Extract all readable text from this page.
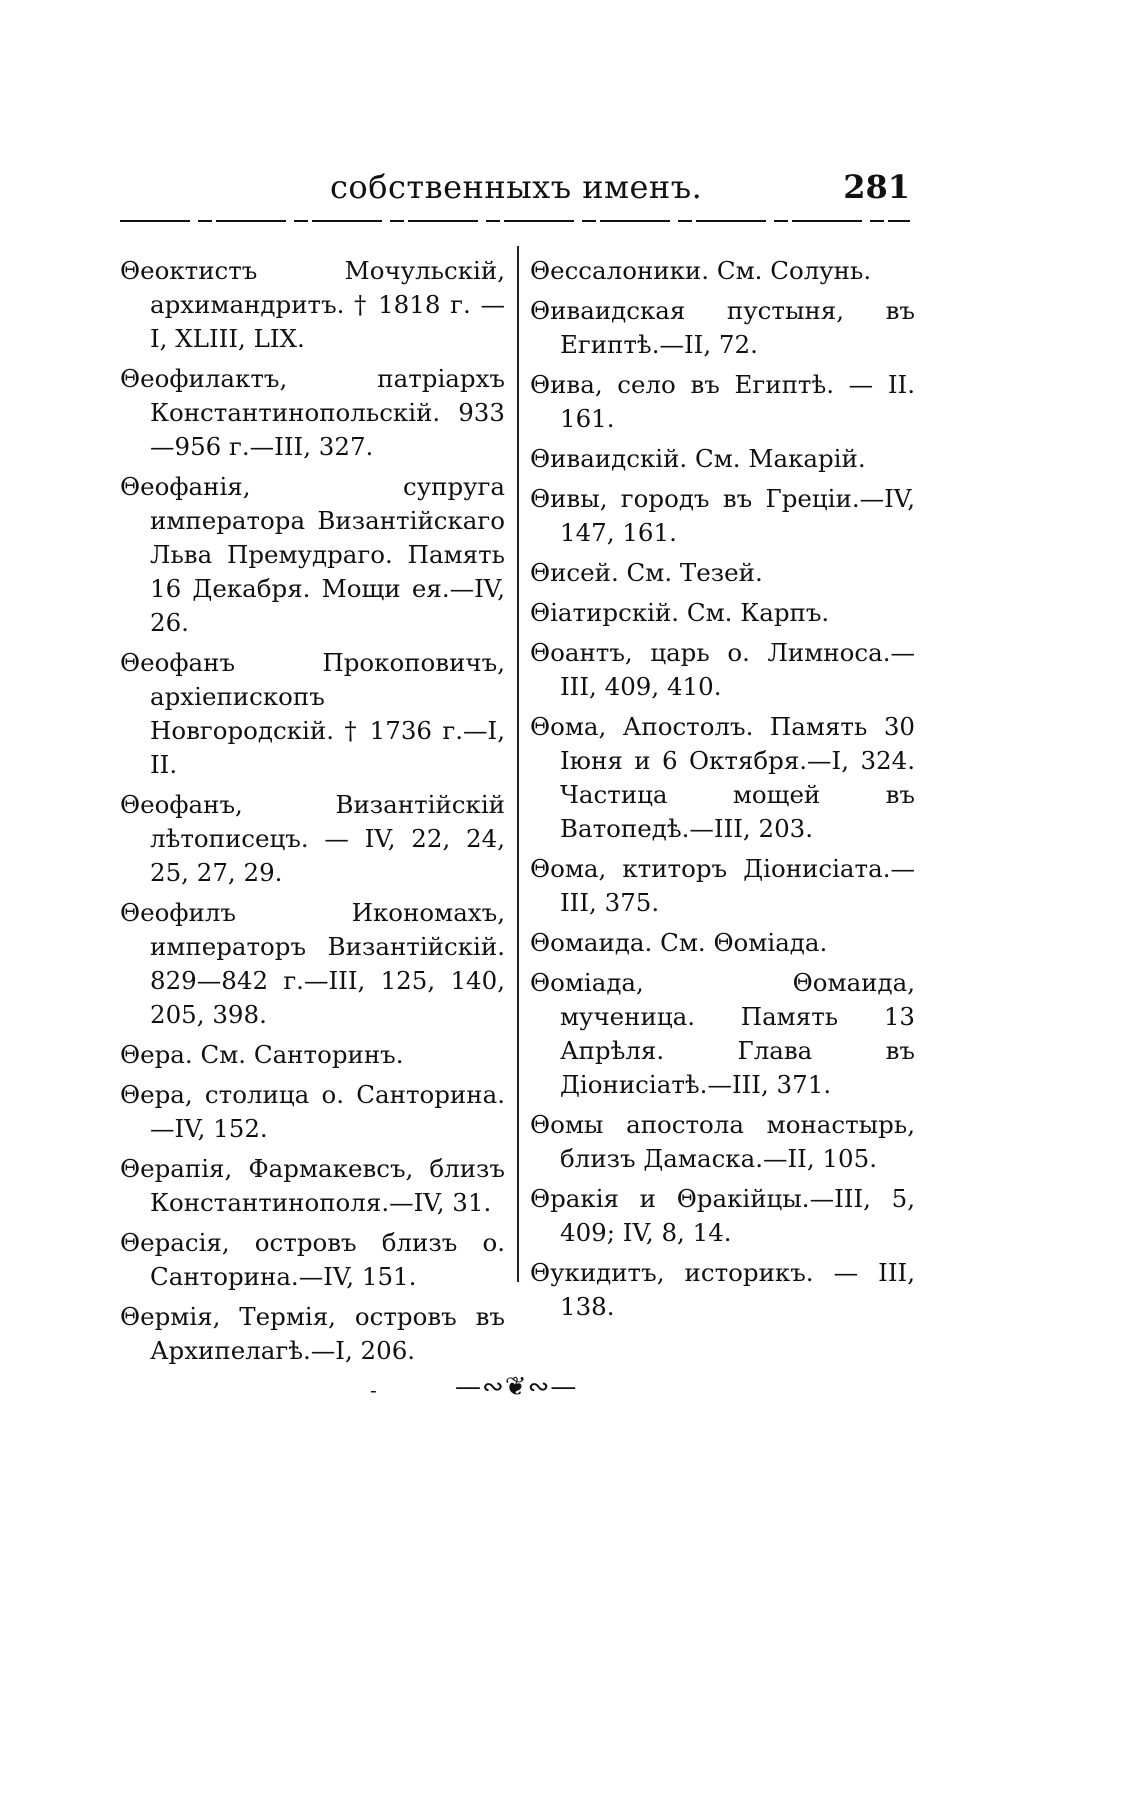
собственныхъ именъ.	281

Θеоктистъ Мочульскій, архимандритъ. † 1818 г. — I, XLIII, LIX.

Θеофилактъ, патріархъ Константинопольскій. 933—956 г.—III, 327.

Θеофанія, супруга императора Византійскаго Льва Премудраго. Память 16 Декабря. Мощи ея.—IV, 26.

Θеофанъ Прокоповичъ, архіепископъ Новгородскій. † 1736 г.—I, II.

Θеофанъ, Византійскій лѣтописецъ. — IV, 22, 24, 25, 27, 29.

Θеофилъ Икономахъ, императоръ Византійскій. 829—842 г.—III, 125, 140, 205, 398.

Θера. См. Санторинъ.

Θера, столица о. Санторина.—IV, 152.

Θерапія, Фармакевсъ, близъ Константинополя.—IV, 31.

Θерасія, островъ близъ о. Санторина.—IV, 151.

Θермія, Термія, островъ въ Архипелагѣ.—I, 206.

Θессалоники. См. Солунь.

Θиваидская пустыня, въ Египтѣ.—II, 72.

Θива, село въ Египтѣ. — II. 161.

Θиваидскій. См. Макарій.

Θивы, городъ въ Греціи.—IV, 147, 161.

Θисей. См. Тезей.

Θіатирскій. См. Карпъ.

Θоантъ, царь о. Лимноса.—III, 409, 410.

Θома, Апостолъ. Память 30 Іюня и 6 Октября.—I, 324. Частица мощей въ Ватопедѣ.—III, 203.

Θома, ктиторъ Діонисіата.—III, 375.

Θомаида. См. Θоміада.

Θоміада, Θомаида, мученица. Память 13 Апрѣля. Глава въ Діонисіатѣ.—III, 371.

Θомы апостола монастырь, близъ Дамаска.—II, 105.

Θракія и Θракійцы.—III, 5, 409; IV, 8, 14.

Θукидитъ, историкъ. — III, 138.

-	—∾❦∾—
